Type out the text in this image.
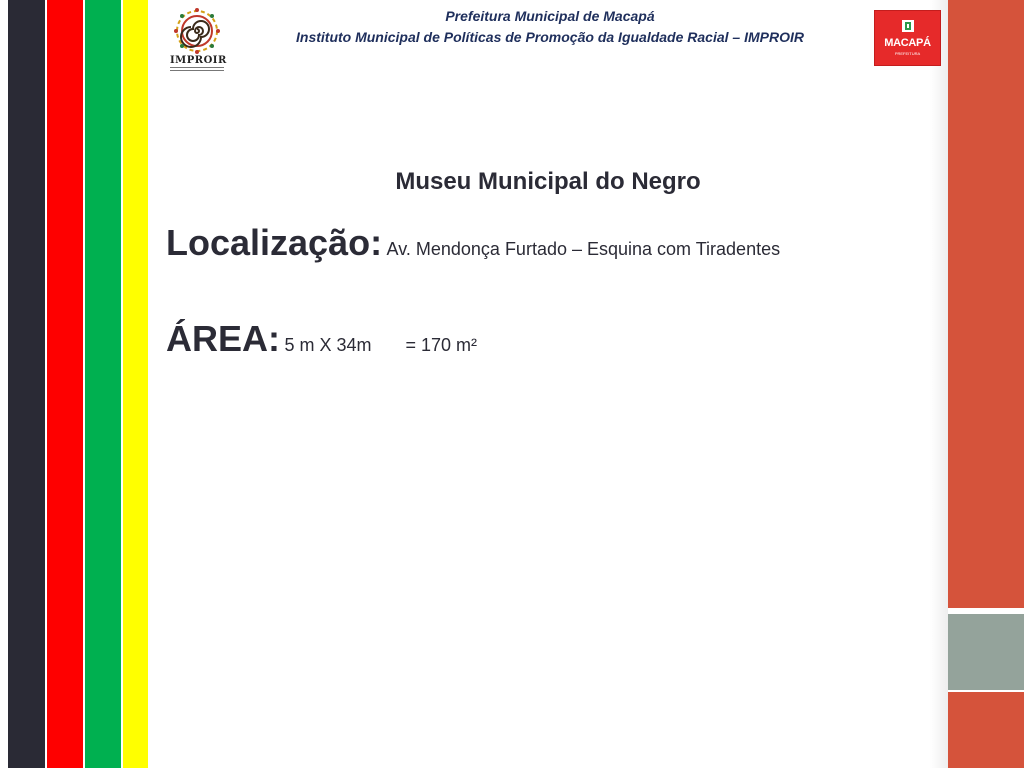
IMPROIR
Prefeitura Municipal de Macapá
Instituto Municipal de Políticas de Promoção da Igualdade Racial – IMPROIR	MACAPÁ
PREFEITURA
Museu Municipal do Negro
Localização: Av. Mendonça Furtado – Esquina com Tiradentes
ÁREA: 5 m X 34m = 170 m²
